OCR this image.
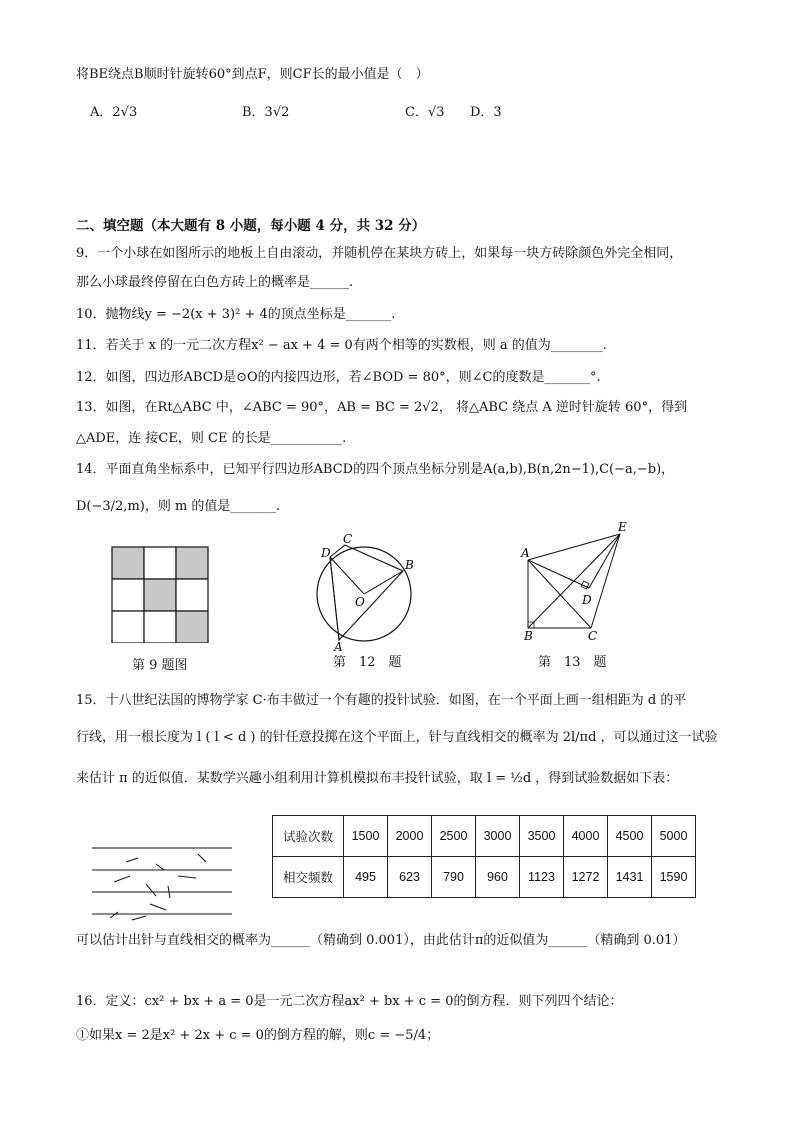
将BE绕点B顺时针旋转60°到点F，则CF长的最小值是（　）
A．2√3	B．3√2	C．√3 D．3
二、填空题（本大题有 8 小题，每小题 4 分，共 32 分）
9．一个小球在如图所示的地板上自由滚动，并随机停在某块方砖上，如果每一块方砖除颜色外完全相同，
那么小球最终停留在白色方砖上的概率是______.
10．抛物线y = −2(x + 3)² + 4的顶点坐标是_______.
11．若关于 x 的一元二次方程x² − ax + 4 = 0有两个相等的实数根，则 a 的值为________.
12．如图，四边形ABCD是⊙O的内接四边形，若∠BOD = 80°，则∠C的度数是_______°.
13．如图，在Rt△ABC 中，∠ABC = 90°，AB = BC = 2√2， 将△ABC 绕点 A 逆时针旋转 60°，得到
△ADE，连 接CE，则 CE 的长是___________.
14．平面直角坐标系中，已知平行四边形ABCD的四个顶点坐标分别是A(a,b),B(n,2n−1),C(−a,−b)，
D(−3/2,m)，则 m 的值是_______.
第 9 题图
D
C
B
O
A
第　12　题
A
E
D
B	C
第　13　题
15．十八世纪法国的博物学家 C·布丰做过一个有趣的投针试验．如图，在一个平面上画一组相距为 d 的平
行线，用一根长度为 l ( l < d ) 的针任意投掷在这个平面上，针与直线相交的概率为 2l/πd ，可以通过这一试验
来估计 π 的近似值．某数学兴趣小组利用计算机模拟布丰投针试验，取 l = ½d ，得到试验数据如下表：
试验次数	1500	2000	2500	3000	3500	4000	4500	5000
相交频数	495	623	790	960	1123	1272	1431	1590
可以估计出针与直线相交的概率为______（精确到 0.001），由此估计π的近似值为______（精确到 0.01）
16．定义：cx² + bx + a = 0是一元二次方程ax² + bx + c = 0的倒方程．则下列四个结论：
①如果x = 2是x² + 2x + c = 0的倒方程的解，则c = −5/4；
